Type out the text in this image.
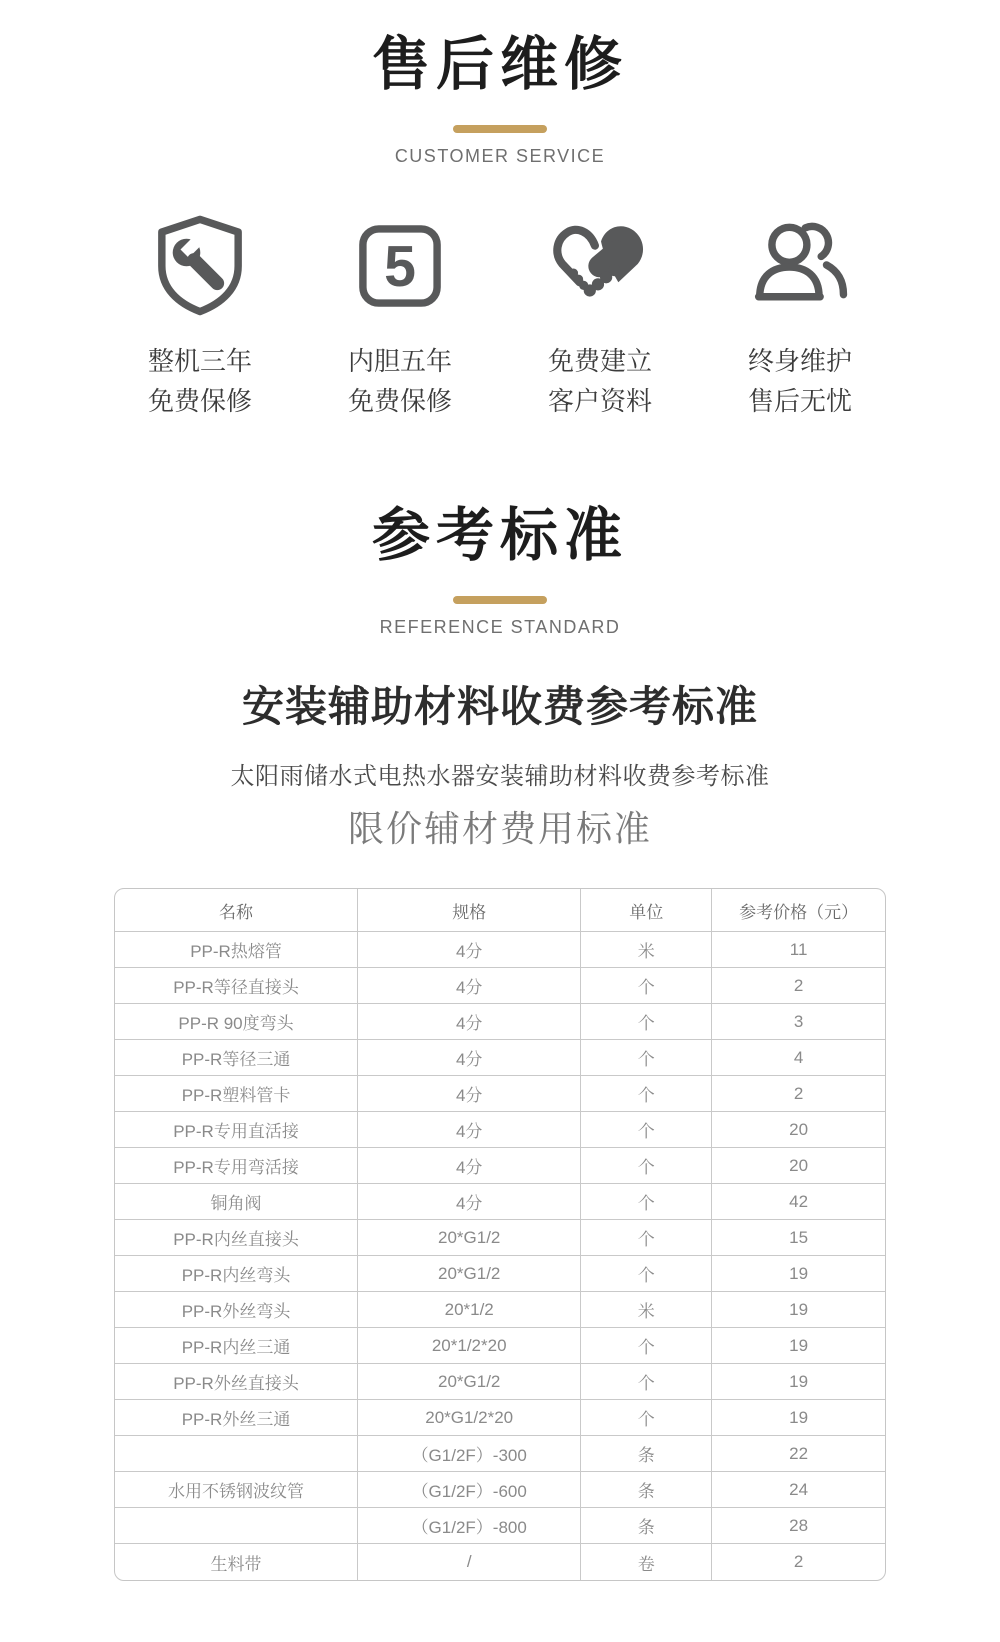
售后维修
CUSTOMER SERVICE
整机三年
免费保修
5
内胆五年
免费保修
免费建立
客户资料
终身维护
售后无忧
参考标准
REFERENCE STANDARD
安装辅助材料收费参考标准
太阳雨储水式电热水器安装辅助材料收费参考标准
限价辅材费用标准
名称	规格	单位	参考价格（元）
PP-R热熔管	4分	米	11
PP-R等径直接头	4分	个	2
PP-R 90度弯头	4分	个	3
PP-R等径三通	4分	个	4
PP-R塑料管卡	4分	个	2
PP-R专用直活接	4分	个	20
PP-R专用弯活接	4分	个	20
铜角阀	4分	个	42
PP-R内丝直接头	20*G1/2	个	15
PP-R内丝弯头	20*G1/2	个	19
PP-R外丝弯头	20*1/2	米	19
PP-R内丝三通	20*1/2*20	个	19
PP-R外丝直接头	20*G1/2	个	19
PP-R外丝三通	20*G1/2*20	个	19
	（G1/2F）-300	条	22
水用不锈钢波纹管	（G1/2F）-600	条	24
	（G1/2F）-800	条	28
生料带	/	卷	2
